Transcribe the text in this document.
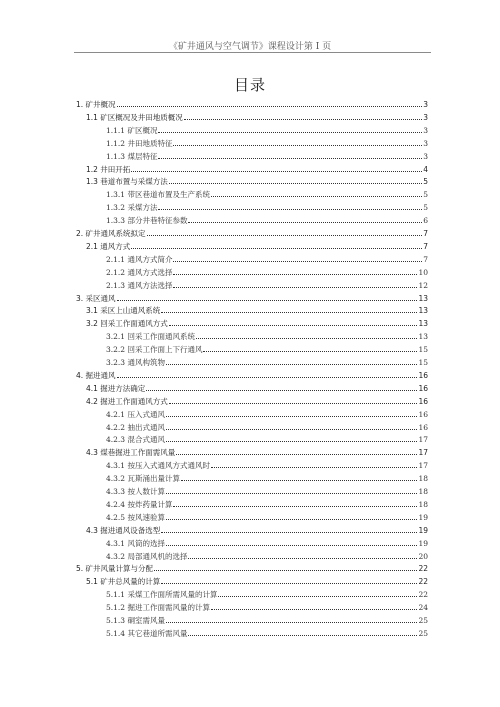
《矿井通风与空气调节》课程设计第 I 页
目录
1. 矿井概况	3
1.1 矿区概况及井田地质概况	3
1.1.1 矿区概况	3
1.1.2 井田地质特征	3
1.1.3 煤层特征	3
1.2 井田开拓	4
1.3 巷道布置与采煤方法	5
1.3.1 带区巷道布置及生产系统	5
1.3.2 采煤方法	5
1.3.3 部分井巷特征参数	6
2. 矿井通风系统拟定	7
2.1 通风方式	7
2.1.1 通风方式简介	7
2.1.2 通风方式选择	10
2.1.3 通风方法选择	12
3. 采区通风	13
3.1 采区上山通风系统	13
3.2 回采工作面通风方式	13
3.2.1 回采工作面通风系统	13
3.2.2 回采工作面上下行通风	15
3.2.3 通风构筑物	15
4. 掘进通风	16
4.1 掘进方法确定	16
4.2 掘进工作面通风方式	16
4.2.1 压入式通风	16
4.2.2 抽出式通风	16
4.2.3 混合式通风	17
4.3 煤巷掘进工作面需风量	17
4.3.1 按压入式通风方式通风时	17
4.3.2 瓦斯涌出量计算	18
4.3.3 按人数计算	18
4.2.4 按炸药量计算	18
4.2.5 按风速验算	19
4.3 掘进通风设备选型	19
4.3.1 风筒的选择	19
4.3.2 局部通风机的选择	20
5. 矿井风量计算与分配	22
5.1 矿井总风量的计算	22
5.1.1 采煤工作面所需风量的计算	22
5.1.2 掘进工作面需风量的计算	24
5.1.3 硐室需风量	25
5.1.4 其它巷道所需风量	25
